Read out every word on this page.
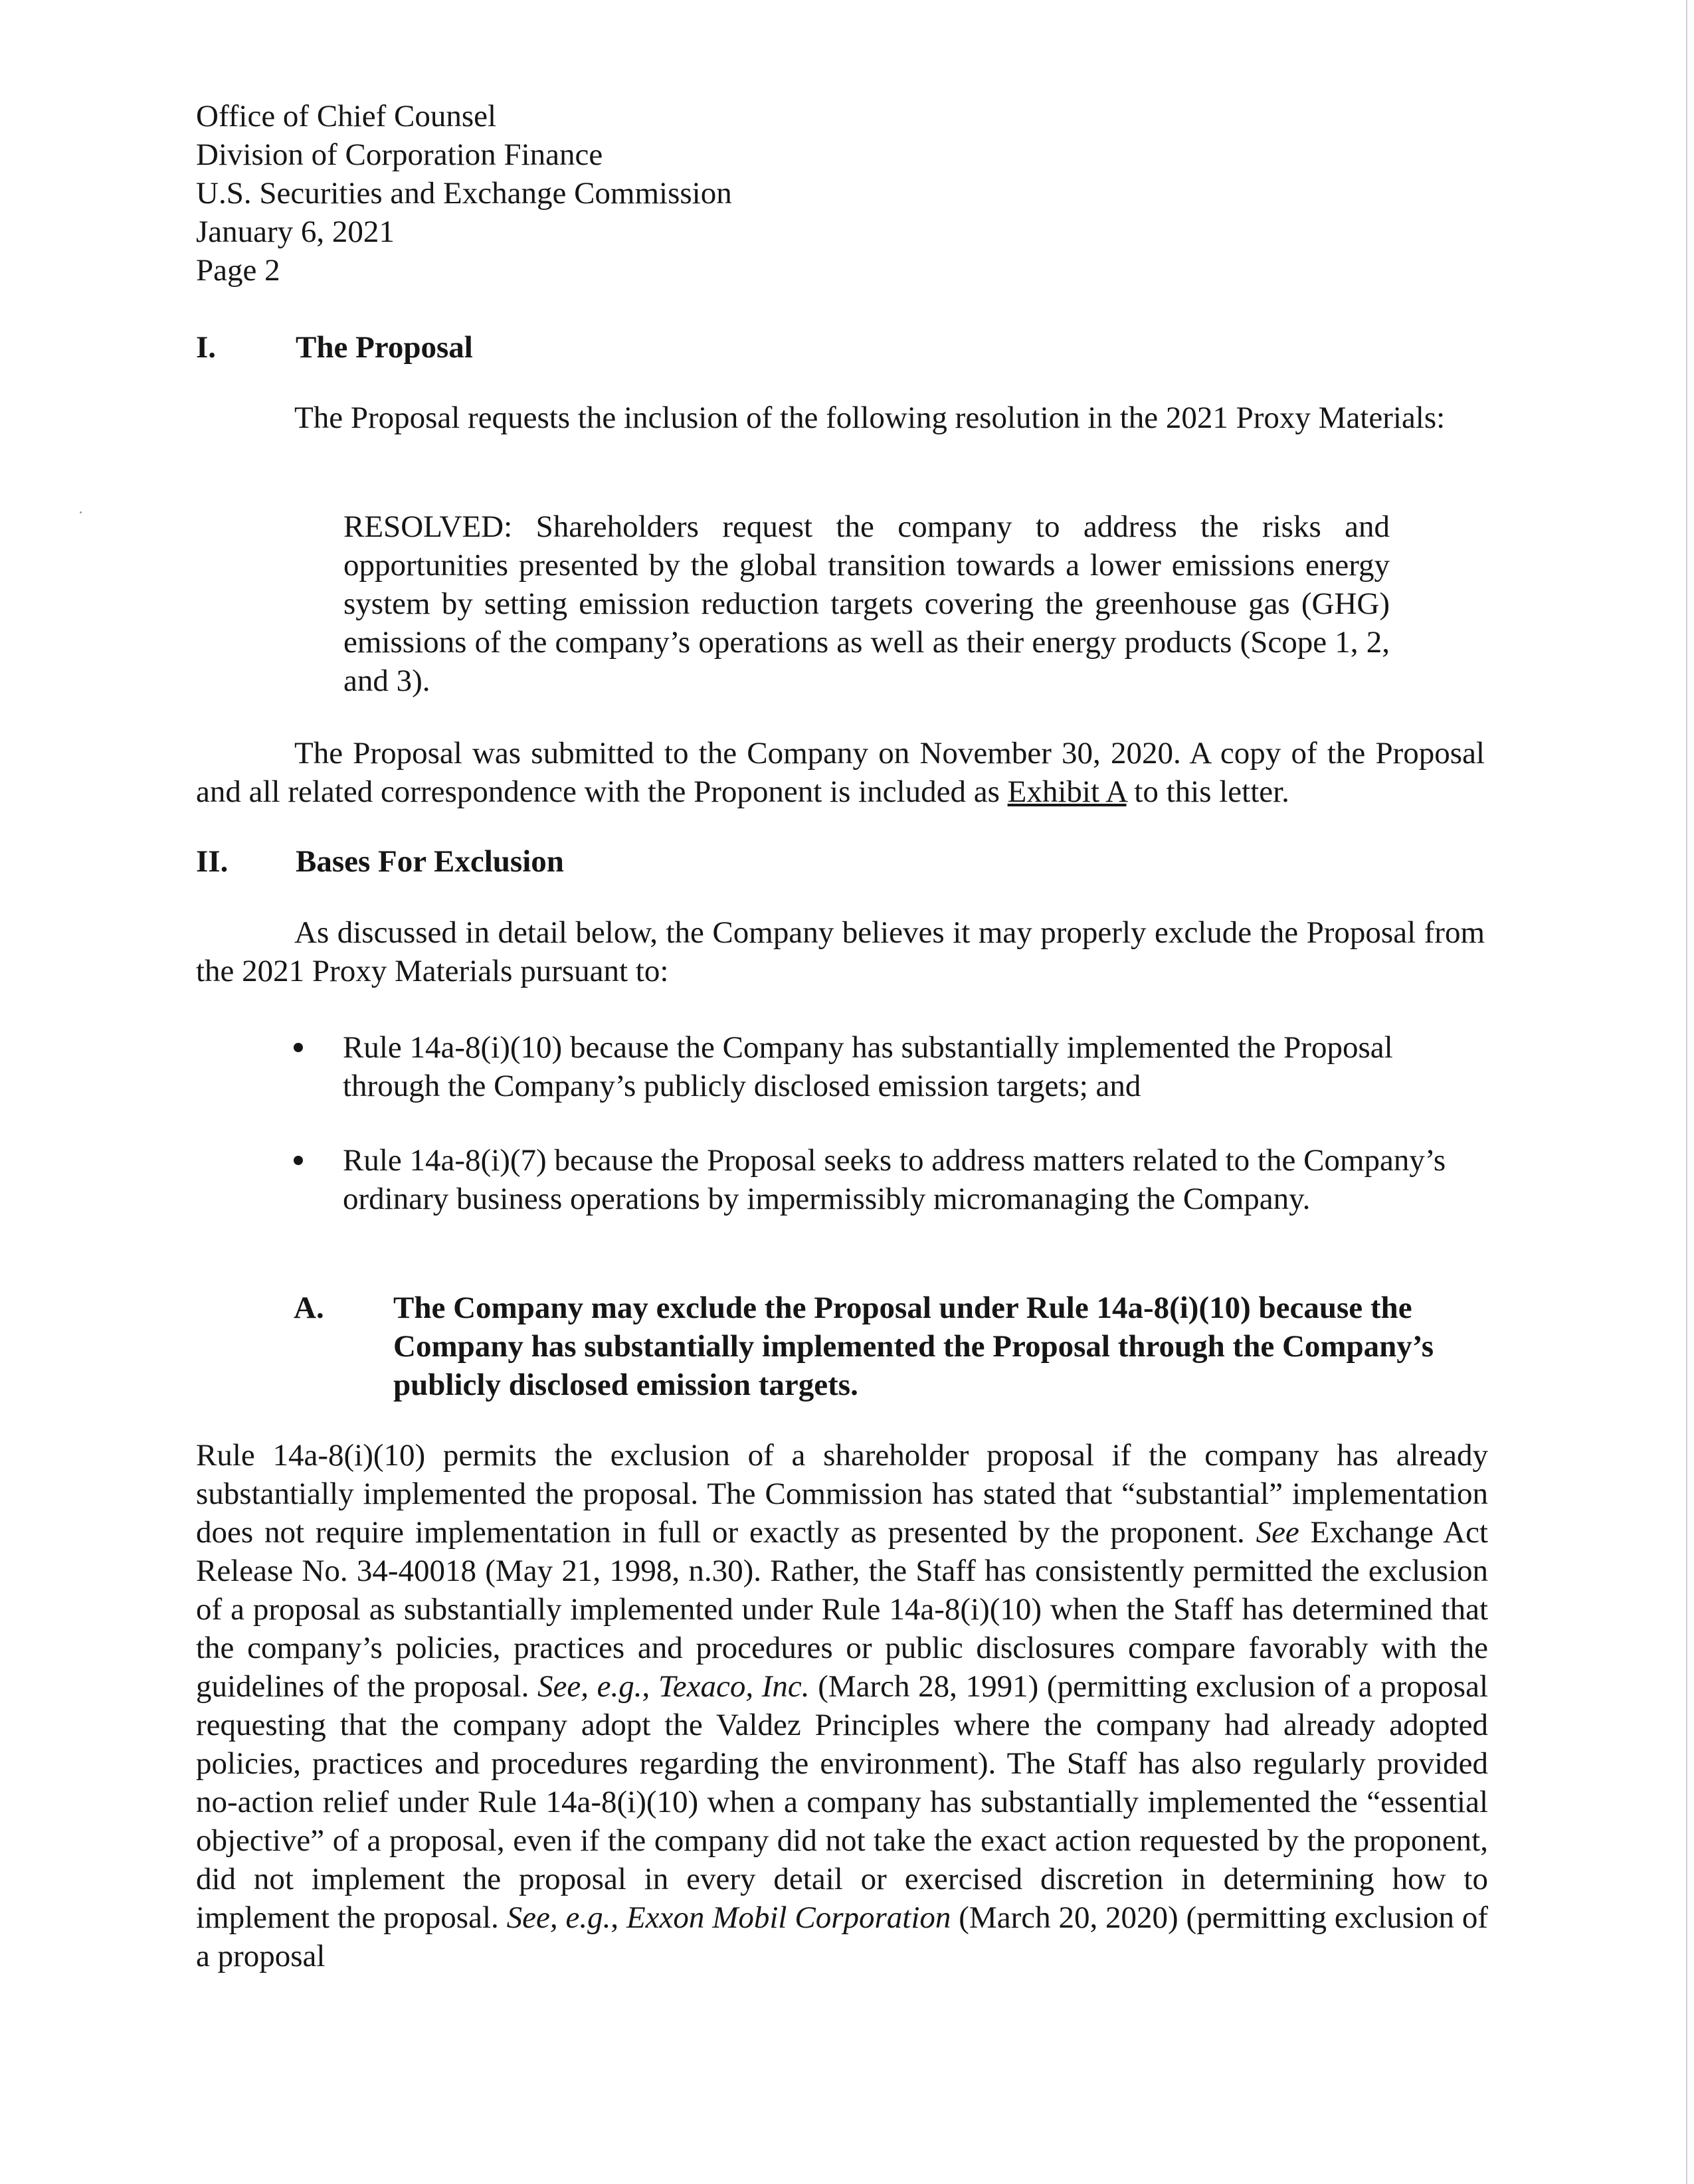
Office of Chief Counsel
Division of Corporation Finance
U.S. Securities and Exchange Commission
January 6, 2021
Page 2
I.	The Proposal
The Proposal requests the inclusion of the following resolution in the 2021 Proxy Materials:
RESOLVED: Shareholders request the company to address the risks and opportunities presented by the global transition towards a lower emissions energy system by setting emission reduction targets covering the greenhouse gas (GHG) emissions of the company’s operations as well as their energy products (Scope 1, 2, and 3).
The Proposal was submitted to the Company on November 30, 2020. A copy of the Proposal and all related correspondence with the Proponent is included as Exhibit A to this letter.
II. Bases For Exclusion
As discussed in detail below, the Company believes it may properly exclude the Proposal from the 2021 Proxy Materials pursuant to:
Rule 14a-8(i)(10) because the Company has substantially implemented the Proposal through the Company’s publicly disclosed emission targets; and
Rule 14a-8(i)(7) because the Proposal seeks to address matters related to the Company’s ordinary business operations by impermissibly micromanaging the Company.
A. The Company may exclude the Proposal under Rule 14a-8(i)(10) because the Company has substantially implemented the Proposal through the Company’s publicly disclosed emission targets.
Rule 14a-8(i)(10) permits the exclusion of a shareholder proposal if the company has already substantially implemented the proposal. The Commission has stated that “substantial” implementation does not require implementation in full or exactly as presented by the proponent. See Exchange Act Release No. 34-40018 (May 21, 1998, n.30). Rather, the Staff has consistently permitted the exclusion of a proposal as substantially implemented under Rule 14a-8(i)(10) when the Staff has determined that the company’s policies, practices and procedures or public disclosures compare favorably with the guidelines of the proposal. See, e.g., Texaco, Inc. (March 28, 1991) (permitting exclusion of a proposal requesting that the company adopt the Valdez Principles where the company had already adopted policies, practices and procedures regarding the environment). The Staff has also regularly provided no-action relief under Rule 14a-8(i)(10) when a company has substantially implemented the “essential objective” of a proposal, even if the company did not take the exact action requested by the proponent, did not implement the proposal in every detail or exercised discretion in determining how to implement the proposal. See, e.g., Exxon Mobil Corporation (March 20, 2020) (permitting exclusion of a proposal
